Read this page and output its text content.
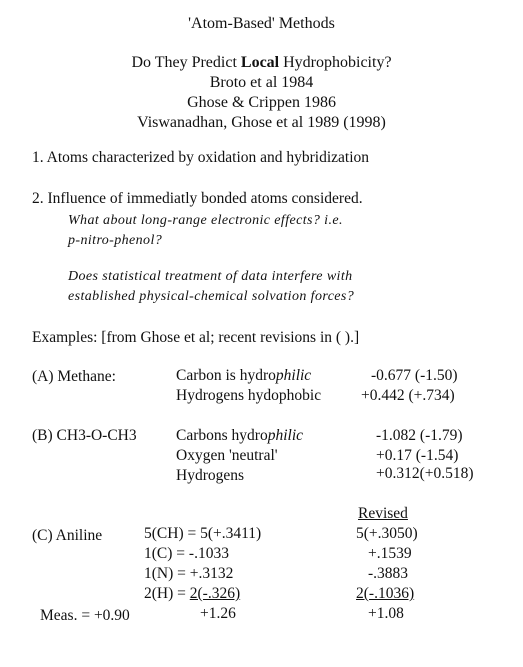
'Atom-Based' Methods
Do They Predict Local Hydrophobicity?
Broto et al 1984
Ghose & Crippen 1986
Viswanadhan, Ghose et al 1989 (1998)
1. Atoms characterized by oxidation and hybridization
2. Influence of immediatly bonded atoms considered.
What about long-range electronic effects? i.e.
p-nitro-phenol?
Does statistical treatment of data interfere with
established physical-chemical solvation forces?
Examples: [from Ghose et al; recent revisions in ( ).]
(A) Methane:	Carbon is hydrophilic	-0.677 (-1.50)
Hydrogens hydophobic	+0.442 (+.734)
(B) CH3-O-CH3	Carbons hydrophilic	-1.082 (-1.79)
Oxygen 'neutral'	+0.17 (-1.54)
Hydrogens	+0.312(+0.518)
Revised
(C) Aniline	5(CH) = 5(+.3411)	5(+.3050)
1(C) = -.1033	+.1539
1(N) = +.3132	-.3883
2(H) = 2(-.326)	2(-.1036)
Meas. = +0.90	+1.26	+1.08
